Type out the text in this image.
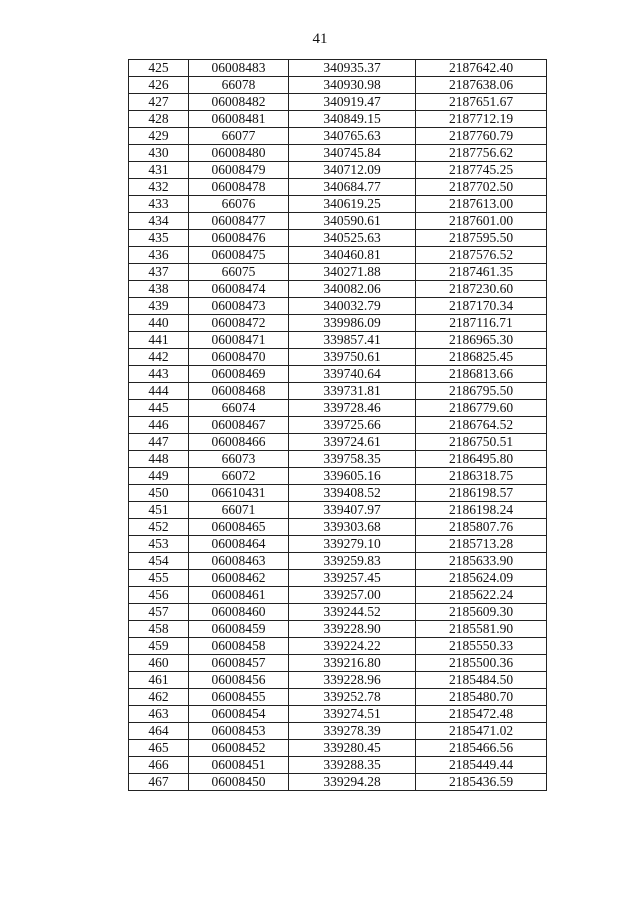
41
425	06008483	340935.37	2187642.40
426	66078	340930.98	2187638.06
427	06008482	340919.47	2187651.67
428	06008481	340849.15	2187712.19
429	66077	340765.63	2187760.79
430	06008480	340745.84	2187756.62
431	06008479	340712.09	2187745.25
432	06008478	340684.77	2187702.50
433	66076	340619.25	2187613.00
434	06008477	340590.61	2187601.00
435	06008476	340525.63	2187595.50
436	06008475	340460.81	2187576.52
437	66075	340271.88	2187461.35
438	06008474	340082.06	2187230.60
439	06008473	340032.79	2187170.34
440	06008472	339986.09	2187116.71
441	06008471	339857.41	2186965.30
442	06008470	339750.61	2186825.45
443	06008469	339740.64	2186813.66
444	06008468	339731.81	2186795.50
445	66074	339728.46	2186779.60
446	06008467	339725.66	2186764.52
447	06008466	339724.61	2186750.51
448	66073	339758.35	2186495.80
449	66072	339605.16	2186318.75
450	06610431	339408.52	2186198.57
451	66071	339407.97	2186198.24
452	06008465	339303.68	2185807.76
453	06008464	339279.10	2185713.28
454	06008463	339259.83	2185633.90
455	06008462	339257.45	2185624.09
456	06008461	339257.00	2185622.24
457	06008460	339244.52	2185609.30
458	06008459	339228.90	2185581.90
459	06008458	339224.22	2185550.33
460	06008457	339216.80	2185500.36
461	06008456	339228.96	2185484.50
462	06008455	339252.78	2185480.70
463	06008454	339274.51	2185472.48
464	06008453	339278.39	2185471.02
465	06008452	339280.45	2185466.56
466	06008451	339288.35	2185449.44
467	06008450	339294.28	2185436.59
